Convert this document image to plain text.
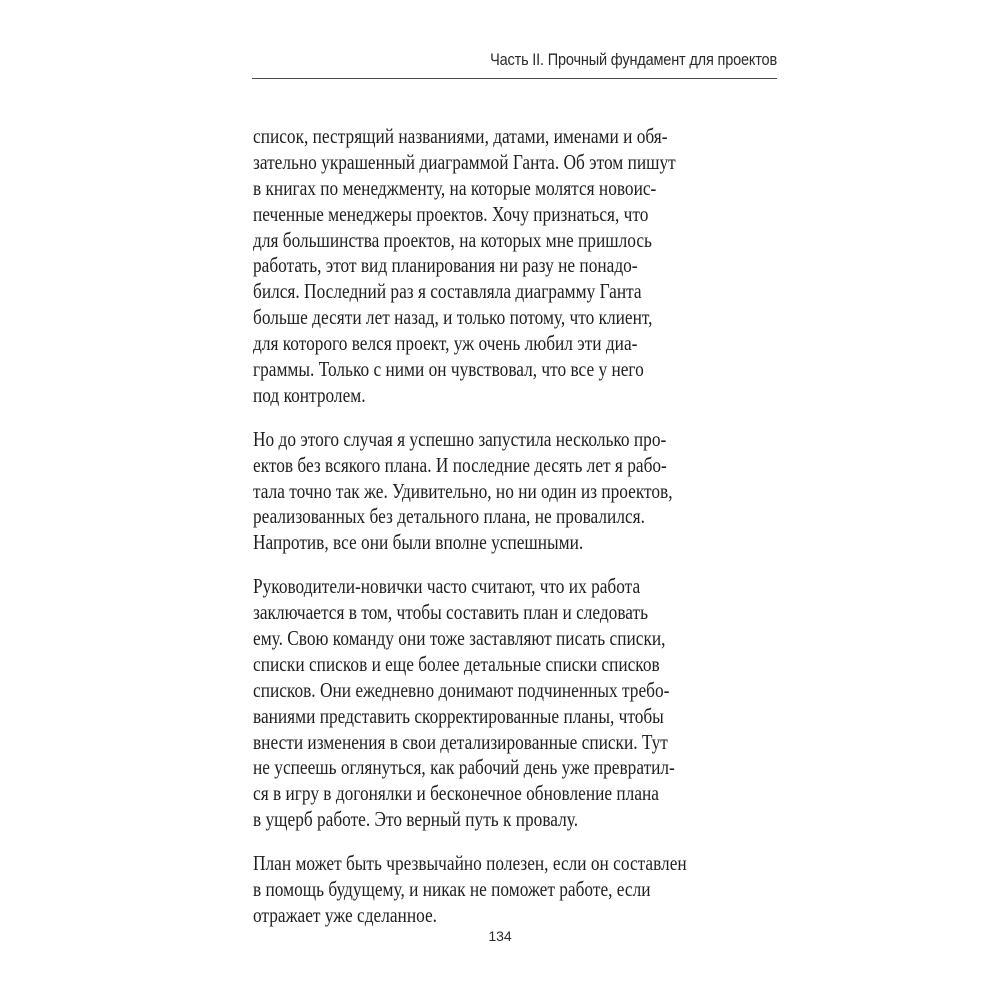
Часть II. Прочный фундамент для проектов
список, пестрящий названиями, датами, именами и обя-
зательно украшенный диаграммой Ганта. Об этом пишут
в книгах по менеджменту, на которые молятся новоис-
печенные менеджеры проектов. Хочу признаться, что
для большинства проектов, на которых мне пришлось
работать, этот вид планирования ни разу не понадо-
бился. Последний раз я составляла диаграмму Ганта
больше десяти лет назад, и только потому, что клиент,
для которого велся проект, уж очень любил эти диа-
граммы. Только с ними он чувствовал, что все у него
под контролем.
Но до этого случая я успешно запустила несколько про-
ектов без всякого плана. И последние десять лет я рабо-
тала точно так же. Удивительно, но ни один из проектов,
реализованных без детального плана, не провалился.
Напротив, все они были вполне успешными.
Руководители-новички часто считают, что их работа
заключается в том, чтобы составить план и следовать
ему. Свою команду они тоже заставляют писать списки,
списки списков и еще более детальные списки списков
списков. Они ежедневно донимают подчиненных требо-
ваниями представить скорректированные планы, чтобы
внести изменения в свои детализированные списки. Тут
не успеешь оглянуться, как рабочий день уже превратил-
ся в игру в догонялки и бесконечное обновление плана
в ущерб работе. Это верный путь к провалу.
План может быть чрезвычайно полезен, если он составлен
в помощь будущему, и никак не поможет работе, если
отражает уже сделанное.
134
